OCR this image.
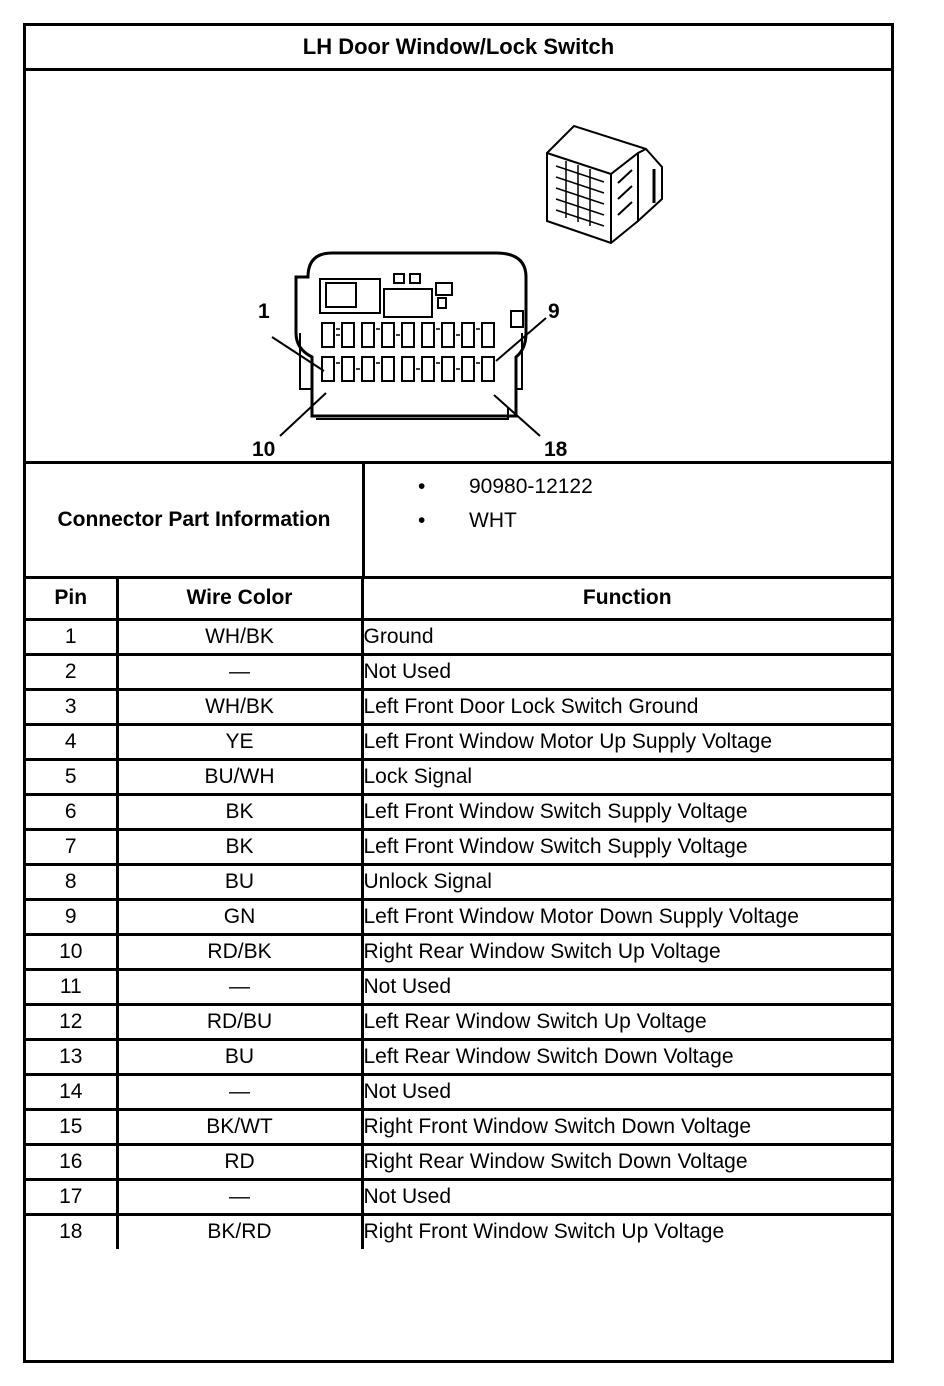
LH Door Window/Lock Switch
1	9
10	18
Connector Part Information
• 90980-12122
• WHT
Pin	Wire Color	Function
1	WH/BK	Ground
2	—	Not Used
3	WH/BK	Left Front Door Lock Switch Ground
4	YE	Left Front Window Motor Up Supply Voltage
5	BU/WH	Lock Signal
6	BK	Left Front Window Switch Supply Voltage
7	BK	Left Front Window Switch Supply Voltage
8	BU	Unlock Signal
9	GN	Left Front Window Motor Down Supply Voltage
10	RD/BK	Right Rear Window Switch Up Voltage
11	—	Not Used
12	RD/BU	Left Rear Window Switch Up Voltage
13	BU	Left Rear Window Switch Down Voltage
14	—	Not Used
15	BK/WT	Right Front Window Switch Down Voltage
16	RD	Right Rear Window Switch Down Voltage
17	—	Not Used
18	BK/RD	Right Front Window Switch Up Voltage
